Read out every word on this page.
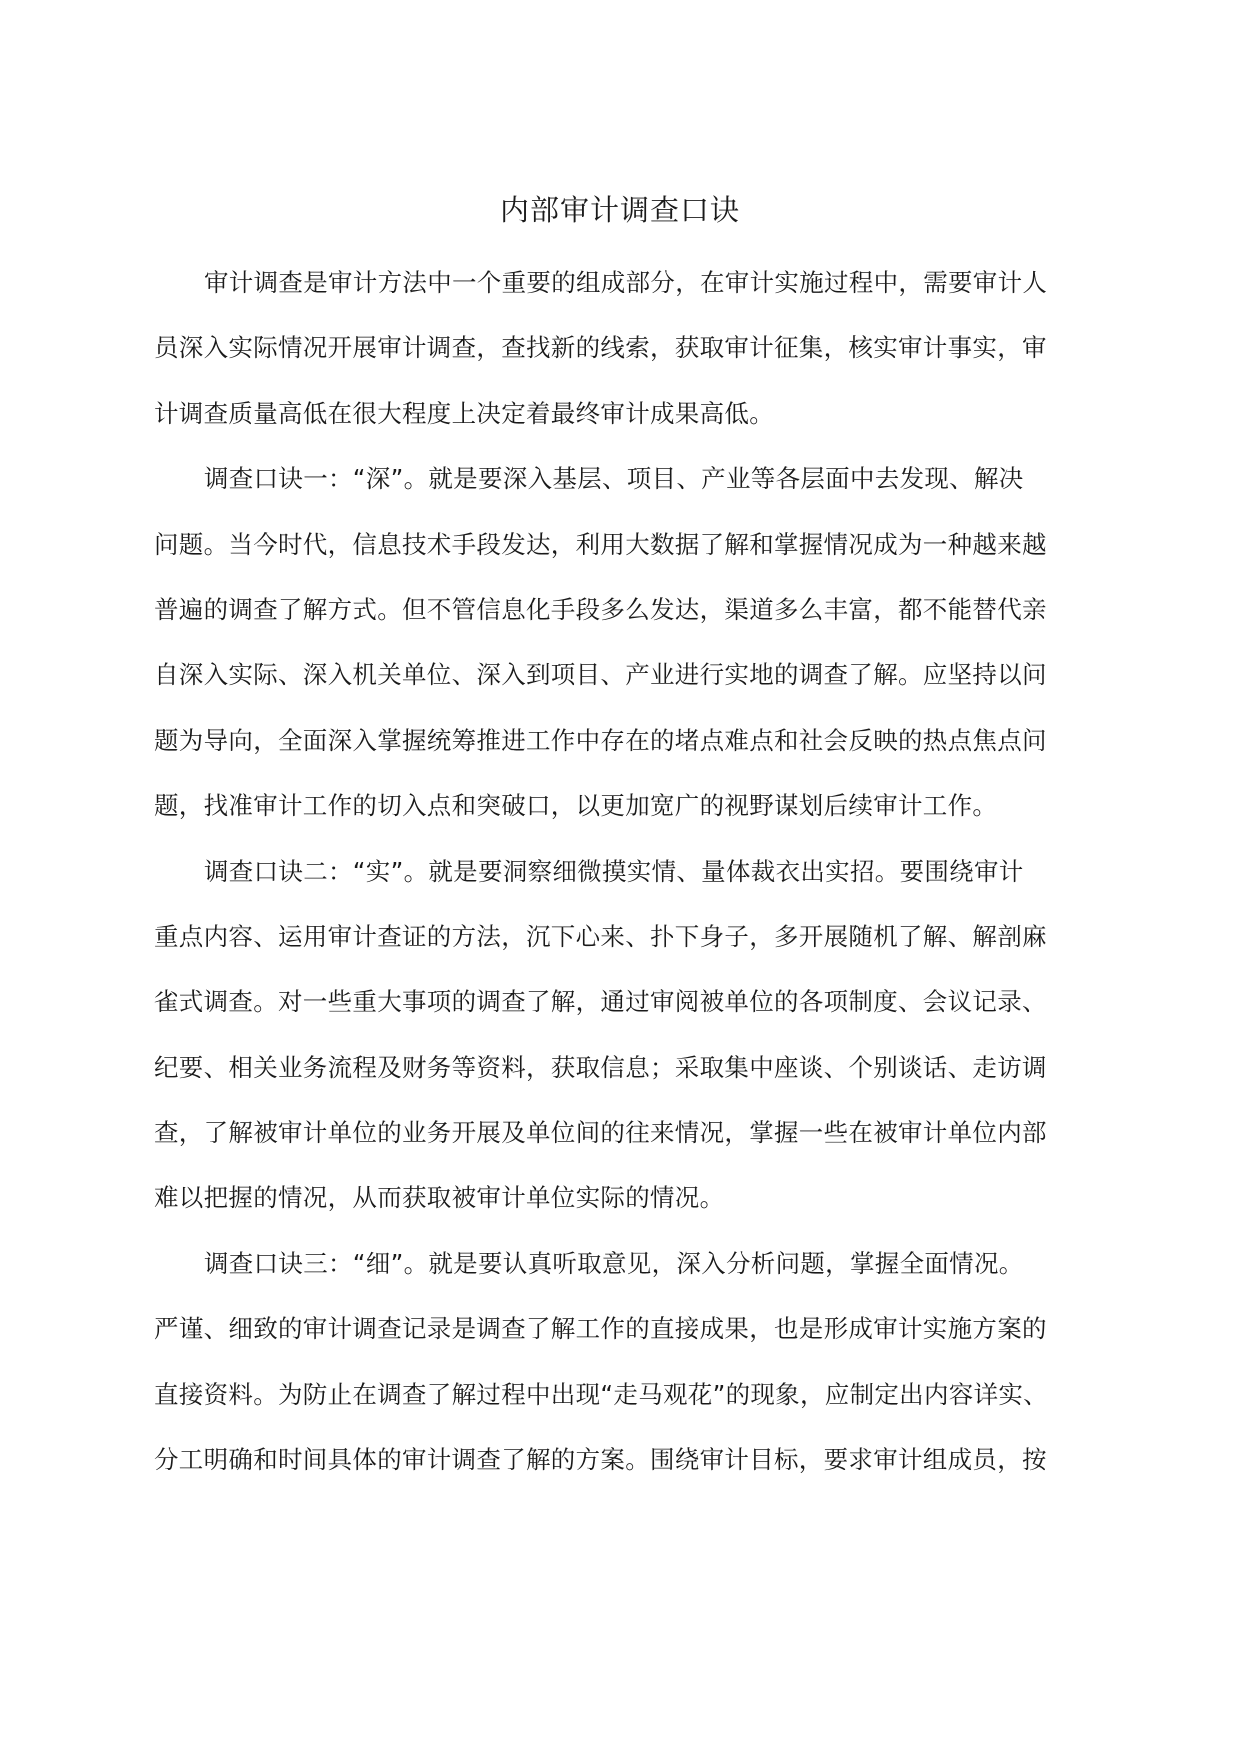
内部审计调查口诀
审计调查是审计方法中一个重要的组成部分，在审计实施过程中，需要审计人
员深入实际情况开展审计调查，查找新的线索，获取审计征集，核实审计事实，审
计调查质量高低在很大程度上决定着最终审计成果高低。
调查口诀一：“深”。就是要深入基层、项目、产业等各层面中去发现、解决
问题。当今时代，信息技术手段发达，利用大数据了解和掌握情况成为一种越来越
普遍的调查了解方式。但不管信息化手段多么发达，渠道多么丰富，都不能替代亲
自深入实际、深入机关单位、深入到项目、产业进行实地的调查了解。应坚持以问
题为导向，全面深入掌握统筹推进工作中存在的堵点难点和社会反映的热点焦点问
题，找准审计工作的切入点和突破口，以更加宽广的视野谋划后续审计工作。
调查口诀二：“实”。就是要洞察细微摸实情、量体裁衣出实招。要围绕审计
重点内容、运用审计查证的方法，沉下心来、扑下身子，多开展随机了解、解剖麻
雀式调查。对一些重大事项的调查了解，通过审阅被单位的各项制度、会议记录、
纪要、相关业务流程及财务等资料，获取信息；采取集中座谈、个别谈话、走访调
查，了解被审计单位的业务开展及单位间的往来情况，掌握一些在被审计单位内部
难以把握的情况，从而获取被审计单位实际的情况。
调查口诀三：“细”。就是要认真听取意见，深入分析问题，掌握全面情况。
严谨、细致的审计调查记录是调查了解工作的直接成果，也是形成审计实施方案的
直接资料。为防止在调查了解过程中出现“走马观花”的现象，应制定出内容详实、
分工明确和时间具体的审计调查了解的方案。围绕审计目标，要求审计组成员，按
